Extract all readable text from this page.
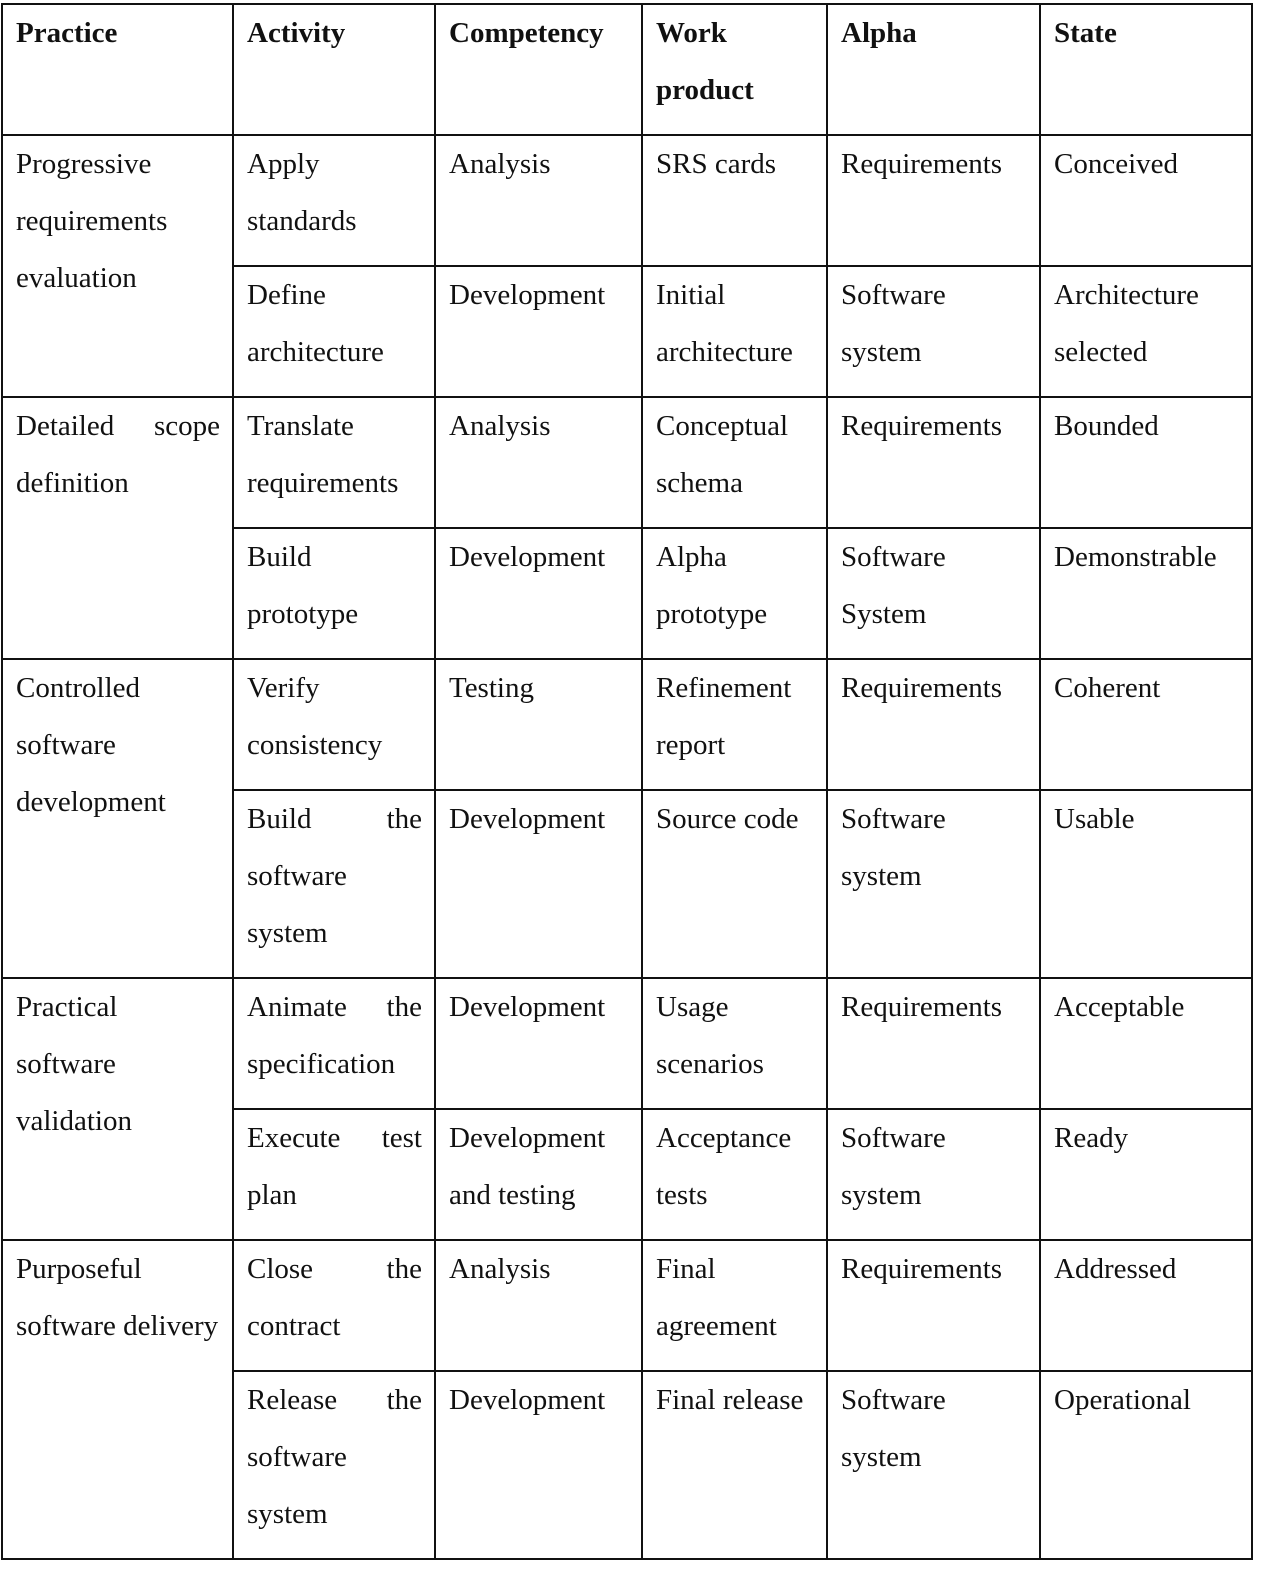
Practice	Activity	Competency	Work product	Alpha	State
Progressive requirements evaluation	Apply standards	Analysis	SRS cards	Requirements	Conceived
	Define architecture	Development	Initial architecture	Software system	Architecture selected
Detailed scope definition	Translate requirements	Analysis	Conceptual schema	Requirements	Bounded
	Build prototype	Development	Alpha prototype	Software System	Demonstrable
Controlled software development	Verify consistency	Testing	Refinement report	Requirements	Coherent
	Build the software system	Development	Source code	Software system	Usable
Practical software validation	Animate the specification	Development	Usage scenarios	Requirements	Acceptable
	Execute test plan	Development and testing	Acceptance tests	Software system	Ready
Purposeful software delivery	Close the contract	Analysis	Final agreement	Requirements	Addressed
	Release the software system	Development	Final release	Software system	Operational
